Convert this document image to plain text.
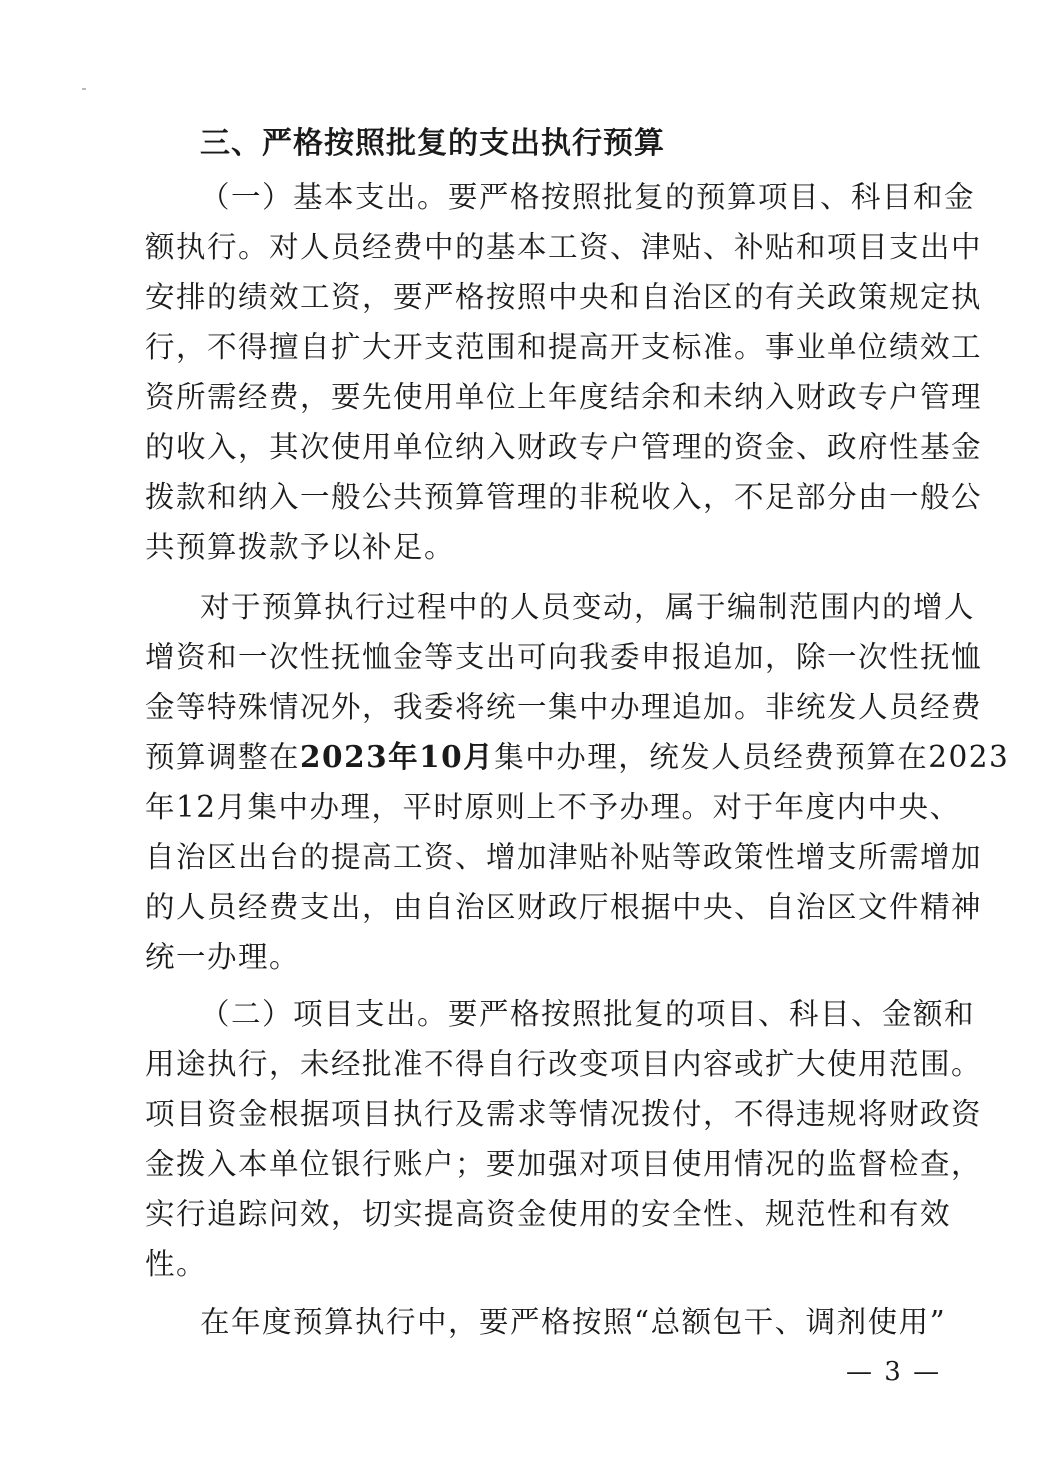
三、严格按照批复的支出执行预算
（一）基本支出。要严格按照批复的预算项目、科目和金
额执行。对人员经费中的基本工资、津贴、补贴和项目支出中
安排的绩效工资，要严格按照中央和自治区的有关政策规定执
行，不得擅自扩大开支范围和提高开支标准。事业单位绩效工
资所需经费，要先使用单位上年度结余和未纳入财政专户管理
的收入，其次使用单位纳入财政专户管理的资金、政府性基金
拨款和纳入一般公共预算管理的非税收入，不足部分由一般公
共预算拨款予以补足。
对于预算执行过程中的人员变动，属于编制范围内的增人
增资和一次性抚恤金等支出可向我委申报追加，除一次性抚恤
金等特殊情况外，我委将统一集中办理追加。非统发人员经费
预算调整在2023年10月集中办理，统发人员经费预算在2023
年12月集中办理，平时原则上不予办理。对于年度内中央、
自治区出台的提高工资、增加津贴补贴等政策性增支所需增加
的人员经费支出，由自治区财政厅根据中央、自治区文件精神
统一办理。
（二）项目支出。要严格按照批复的项目、科目、金额和
用途执行，未经批准不得自行改变项目内容或扩大使用范围。
项目资金根据项目执行及需求等情况拨付，不得违规将财政资
金拨入本单位银行账户；要加强对项目使用情况的监督检查，
实行追踪问效，切实提高资金使用的安全性、规范性和有效
性。
在年度预算执行中，要严格按照“总额包干、调剂使用”
— 3 —
